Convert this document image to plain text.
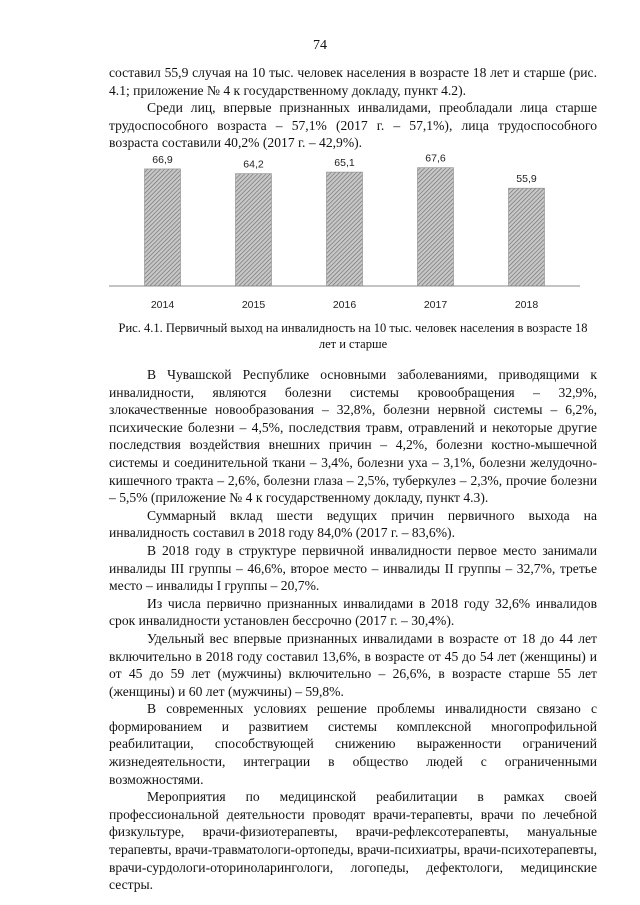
74

составил 55,9 случая на 10 тыс. человек населения в возрасте 18 лет и старше (рис. 4.1; приложение № 4 к государственному докладу, пункт 4.2).

Среди лиц, впервые признанных инвалидами, преобладали лица старше трудоспособного возраста – 57,1% (2017 г. – 57,1%), лица трудоспособного возраста составили 40,2% (2017 г. – 42,9%).

66,9
2014
64,2
2015
65,1
2016
67,6
2017
55,9
2018
Рис. 4.1. Первичный выход на инвалидность на 10 тыс. человек населения в возрасте 18 лет и старше

В Чувашской Республике основными заболеваниями, приводящими к инвалидности, являются болезни системы кровообращения – 32,9%, злокачественные новообразования – 32,8%, болезни нервной системы – 6,2%, психические болезни – 4,5%, последствия травм, отравлений и некоторые другие последствия воздействия внешних причин – 4,2%, болезни костно-мышечной системы и соединительной ткани – 3,4%, болезни уха – 3,1%, болезни желудочно-кишечного тракта – 2,6%, болезни глаза – 2,5%, туберкулез – 2,3%, прочие болезни – 5,5% (приложение № 4 к государственному докладу, пункт 4.3).

Суммарный вклад шести ведущих причин первичного выхода на инвалидность составил в 2018 году 84,0% (2017 г. – 83,6%).

В 2018 году в структуре первичной инвалидности первое место занимали инвалиды III группы – 46,6%, второе место – инвалиды II группы – 32,7%, третье место – инвалиды I группы – 20,7%.

Из числа первично признанных инвалидами в 2018 году 32,6% инвалидов срок инвалидности установлен бессрочно (2017 г. – 30,4%).

Удельный вес впервые признанных инвалидами в возрасте от 18 до 44 лет включительно в 2018 году составил 13,6%, в возрасте от 45 до 54 лет (женщины) и от 45 до 59 лет (мужчины) включительно – 26,6%, в возрасте старше 55 лет (женщины) и 60 лет (мужчины) – 59,8%.

В современных условиях решение проблемы инвалидности связано с формированием и развитием системы комплексной многопрофильной реабилитации, способствующей снижению выраженности ограничений жизнедеятельности, интеграции в общество людей с ограниченными возможностями.

Мероприятия по медицинской реабилитации в рамках своей профессиональной деятельности проводят врачи-терапевты, врачи по лечебной физкультуре, врачи-физиотерапевты, врачи-рефлексотерапевты, мануальные терапевты, врачи-травматологи-ортопеды, врачи-психиатры, врачи-психотерапевты, врачи-сурдологи-оториноларингологи, логопеды, дефектологи, медицинские сестры.
